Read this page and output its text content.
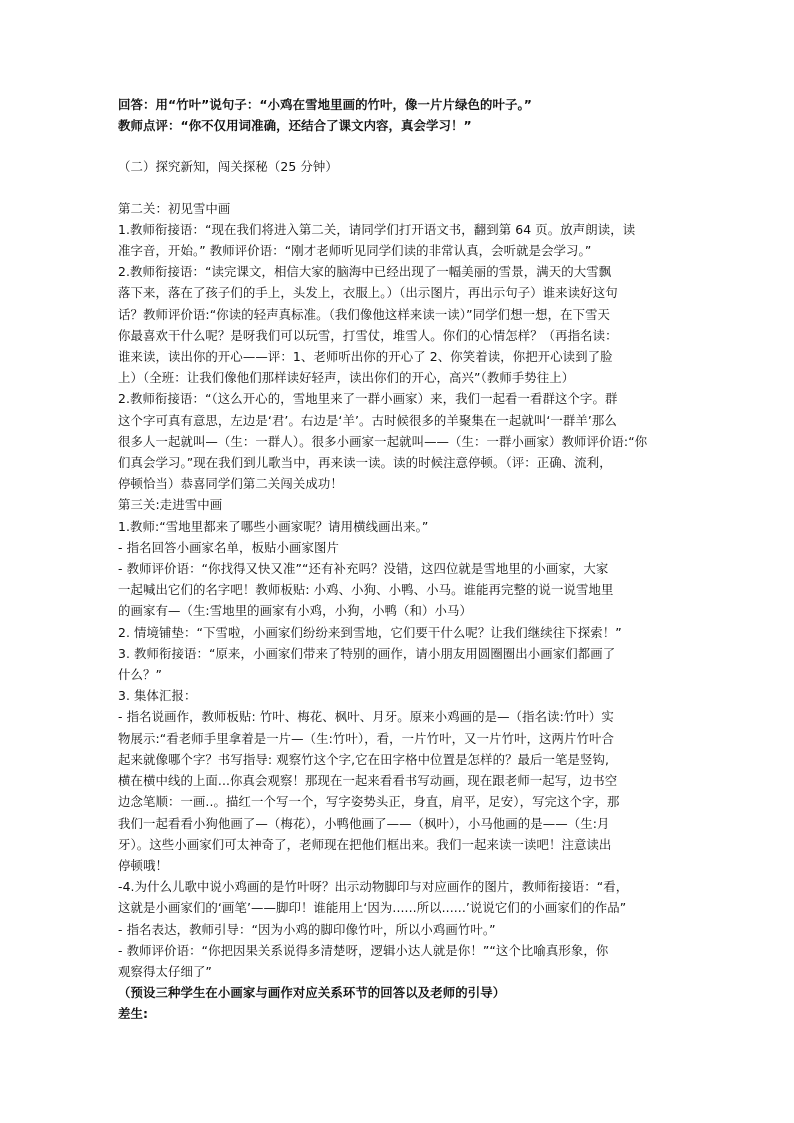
回答：用“竹叶”说句子：“小鸡在雪地里画的竹叶，像一片片绿色的叶子。”
教师点评：“你不仅用词准确，还结合了课文内容，真会学习！”
（二）探究新知，闯关探秘（25 分钟）
第二关：初见雪中画
1.教师衔接语：“现在我们将进入第二关，请同学们打开语文书，翻到第 64 页。放声朗读，读
准字音，开始。” 教师评价语：“刚才老师听见同学们读的非常认真，会听就是会学习。”
2.教师衔接语：“读完课文，相信大家的脑海中已经出现了一幅美丽的雪景，满天的大雪飘
落下来，落在了孩子们的手上，头发上，衣服上。）（出示图片，再出示句子）谁来读好这句
话？教师评价语:“你读的轻声真标准。（我们像他这样来读一读）”同学们想一想，在下雪天
你最喜欢干什么呢？是呀我们可以玩雪，打雪仗，堆雪人。你们的心情怎样？（再指名读：
谁来读，读出你的开心——评：1、老师听出你的开心了 2、你笑着读，你把开心读到了脸
上）（全班：让我们像他们那样读好轻声，读出你们的开心，高兴”（教师手势往上）
2.教师衔接语：“（这么开心的，雪地里来了一群小画家）来，我们一起看一看群这个字。群
这个字可真有意思，左边是‘君’。右边是‘羊’。古时候很多的羊聚集在一起就叫‘一群羊’那么
很多人一起就叫—（生：一群人）。很多小画家一起就叫——（生：一群小画家）教师评价语:“你
们真会学习。”现在我们到儿歌当中，再来读一读。读的时候注意停顿。（评：正确、流利，
停顿恰当）恭喜同学们第二关闯关成功！
第三关:走进雪中画
1.教师:“雪地里都来了哪些小画家呢？请用横线画出来。”
- 指名回答小画家名单，板贴小画家图片
- 教师评价语：“你找得又快又准”“还有补充吗？没错，这四位就是雪地里的小画家，大家
一起喊出它们的名字吧！教师板贴: 小鸡、小狗、小鸭、小马。谁能再完整的说一说雪地里
的画家有—（生:雪地里的画家有小鸡，小狗，小鸭（和）小马）
2. 情境铺垫：“下雪啦，小画家们纷纷来到雪地，它们要干什么呢？让我们继续往下探索！”
3. 教师衔接语：“原来，小画家们带来了特别的画作，请小朋友用圆圈圈出小画家们都画了
什么？”
3. 集体汇报：
- 指名说画作，教师板贴: 竹叶、梅花、枫叶、月牙。原来小鸡画的是—（指名读:竹叶）实
物展示:“看老师手里拿着是一片—（生:竹叶），看，一片竹叶，又一片竹叶，这两片竹叶合
起来就像哪个字？书写指导: 观察竹这个字,它在田字格中位置是怎样的？最后一笔是竖钩,
横在横中线的上面...你真会观察！那现在一起来看看书写动画，现在跟老师一起写，边书空
边念笔顺：一画..。描红一个写一个，写字姿势头正，身直，肩平，足安），写完这个字，那
我们一起看看小狗他画了—（梅花），小鸭他画了——（枫叶），小马他画的是——（生:月
牙）。这些小画家们可太神奇了，老师现在把他们框出来。我们一起来读一读吧！注意读出
停顿哦！
-4.为什么儿歌中说小鸡画的是竹叶呀？出示动物脚印与对应画作的图片，教师衔接语：“看，
这就是小画家们的‘画笔’——脚印！谁能用上‘因为......所以......’说说它们的小画家们的作品”
- 指名表达，教师引导：“因为小鸡的脚印像竹叶，所以小鸡画竹叶。”
- 教师评价语：“你把因果关系说得多清楚呀，逻辑小达人就是你！”“这个比喻真形象，你
观察得太仔细了”
（预设三种学生在小画家与画作对应关系环节的回答以及老师的引导）
差生:
